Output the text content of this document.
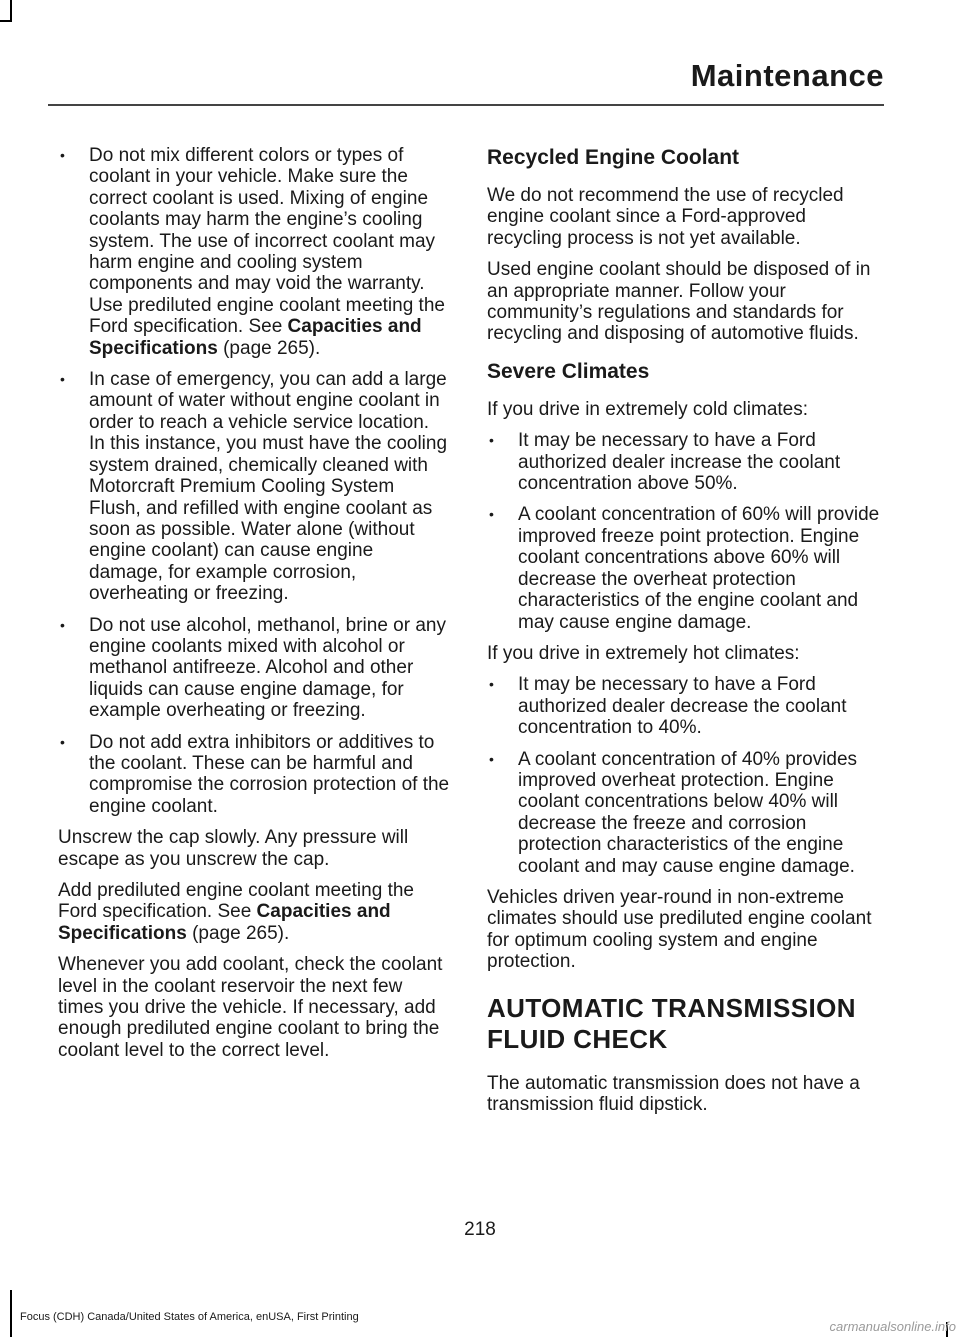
Maintenance
• Do not mix different colors or types of coolant in your vehicle. Make sure the correct coolant is used. Mixing of engine coolants may harm the engine’s cooling system. The use of incorrect coolant may harm engine and cooling system components and may void the warranty. Use prediluted engine coolant meeting the Ford specification. See Capacities and Specifications (page 265).
• In case of emergency, you can add a large amount of water without engine coolant in order to reach a vehicle service location. In this instance, you must have the cooling system drained, chemically cleaned with Motorcraft Premium Cooling System Flush, and refilled with engine coolant as soon as possible. Water alone (without engine coolant) can cause engine damage, for example corrosion, overheating or freezing.
• Do not use alcohol, methanol, brine or any engine coolants mixed with alcohol or methanol antifreeze. Alcohol and other liquids can cause engine damage, for example overheating or freezing.
• Do not add extra inhibitors or additives to the coolant. These can be harmful and compromise the corrosion protection of the engine coolant.

Unscrew the cap slowly. Any pressure will escape as you unscrew the cap.

Add prediluted engine coolant meeting the Ford specification. See Capacities and Specifications (page 265).

Whenever you add coolant, check the coolant level in the coolant reservoir the next few times you drive the vehicle. If necessary, add enough prediluted engine coolant to bring the coolant level to the correct level.

Recycled Engine Coolant

We do not recommend the use of recycled engine coolant since a Ford-approved recycling process is not yet available.

Used engine coolant should be disposed of in an appropriate manner. Follow your community’s regulations and standards for recycling and disposing of automotive fluids.

Severe Climates

If you drive in extremely cold climates:

• It may be necessary to have a Ford authorized dealer increase the coolant concentration above 50%.
• A coolant concentration of 60% will provide improved freeze point protection. Engine coolant concentrations above 60% will decrease the overheat protection characteristics of the engine coolant and may cause engine damage.

If you drive in extremely hot climates:

• It may be necessary to have a Ford authorized dealer decrease the coolant concentration to 40%.
• A coolant concentration of 40% provides improved overheat protection. Engine coolant concentrations below 40% will decrease the freeze and corrosion protection characteristics of the engine coolant and may cause engine damage.

Vehicles driven year-round in non-extreme climates should use prediluted engine coolant for optimum cooling system and engine protection.

AUTOMATIC TRANSMISSION
FLUID CHECK

The automatic transmission does not have a transmission fluid dipstick.

218
Focus (CDH) Canada/United States of America, enUSA, First Printing
carmanualsonline.info
